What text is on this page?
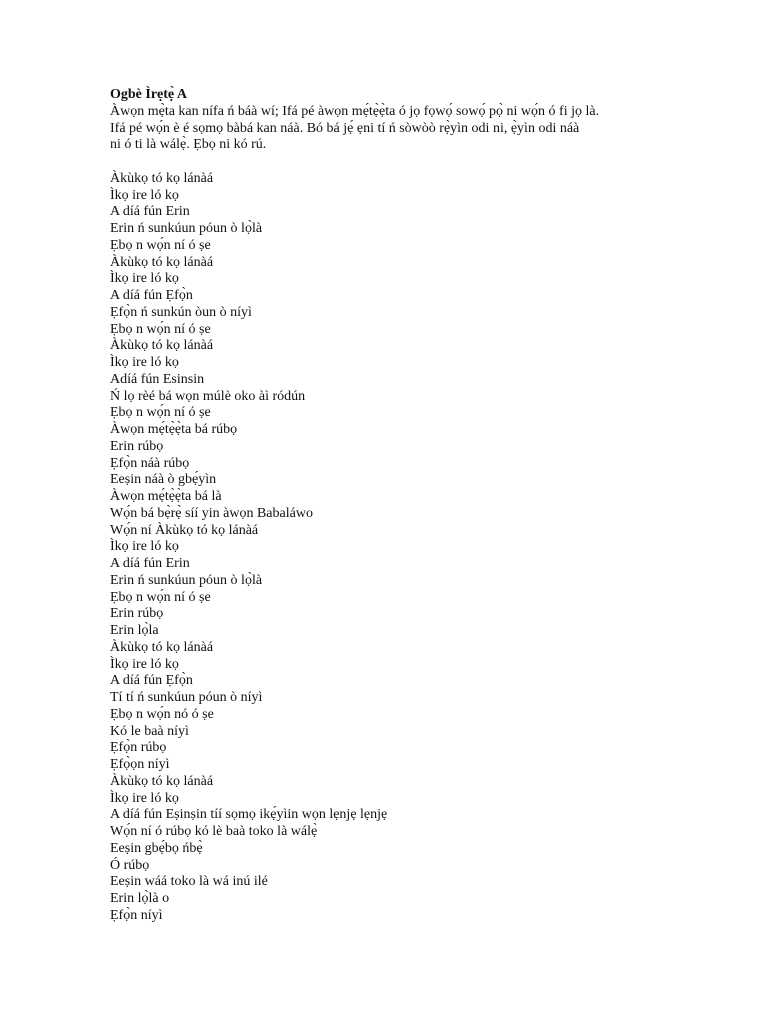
Ogbè Ìrẹtẹ̀ A
Àwọn mẹ̀ta kan nífa ń báà wí; Ifá pé àwọn mẹ́tẹ̀ẹ̀ta ó jọ fọwọ́ sowọ́ pọ̀ ni wọ́n ó fi jọ là.
Ifá pé wọ́n è é sọmọ bàbá kan náà. Bó bá jẹ́ ẹni tí ń sòwòò rẹ̀yìn odi ni, ẹ̀yìn odi náà
ni ó ti là wálẹ̀. Ẹbọ ni kó rú.
Àkùkọ tó kọ lánàá
Ìkọ ire ló kọ
A díá fún Erin
Erin ń sunkúun póun ò lọ̀là
Ẹbọ n wọ́n ní ó ṣe
Àkùkọ tó kọ lánàá
Ìkọ ire ló kọ
A díá fún Ẹfọ̀n
Ẹfọ̀n ń sunkún òun ò níyì
Ẹbọ n wọ́n ní ó ṣe
Àkùkọ tó kọ lánàá
Ìkọ ire ló kọ
Adíá fún Esinsin
Ń lọ rèé bá wọn múlè oko àì ródún
Ẹbọ n wọ́n ní ó ṣe
Àwọn mẹ́tẹ̀ẹ̀ta bá rúbọ
Erin rúbọ
Ẹfọ̀n náà rúbọ
Eeṣin náà ò gbẹ́yìn
Àwọn mẹ́tẹ̀ẹ̀ta bá là
Wọ́n bá bẹ̀rẹ̀ síí yin àwọn Babaláwo
Wọ́n ní Àkùkọ tó kọ lánàá
Ìkọ ire ló kọ
A díá fún Erin
Erin ń sunkúun póun ò lọ̀là
Ẹbọ n wọ́n ní ó ṣe
Erin rúbọ
Erin lọ̀la
Àkùkọ tó kọ lánàá
Ìkọ ire ló kọ
A díá fún Ẹfọ̀n
Tí tí ń sunkúun póun ò níyì
Ẹbọ n wọ́n nó ó ṣe
Kó le baà níyì
Ẹfọ̀n rúbọ
Ẹfọ̀ọn níyì
Àkùkọ tó kọ lánàá
Ìkọ ire ló kọ
A díá fún Eṣinṣin tíí sọmọ ikẹ́yìin wọn lẹnjẹ lẹnjẹ
Wọ́n ní ó rúbọ kó lè baà toko là wálẹ̀
Eeṣin gbẹ́bọ ńbẹ̀
Ó rúbọ
Eeṣin wáá toko là wá inú ilé
Erin lọ̀là o
Ẹfọ̀n níyì
